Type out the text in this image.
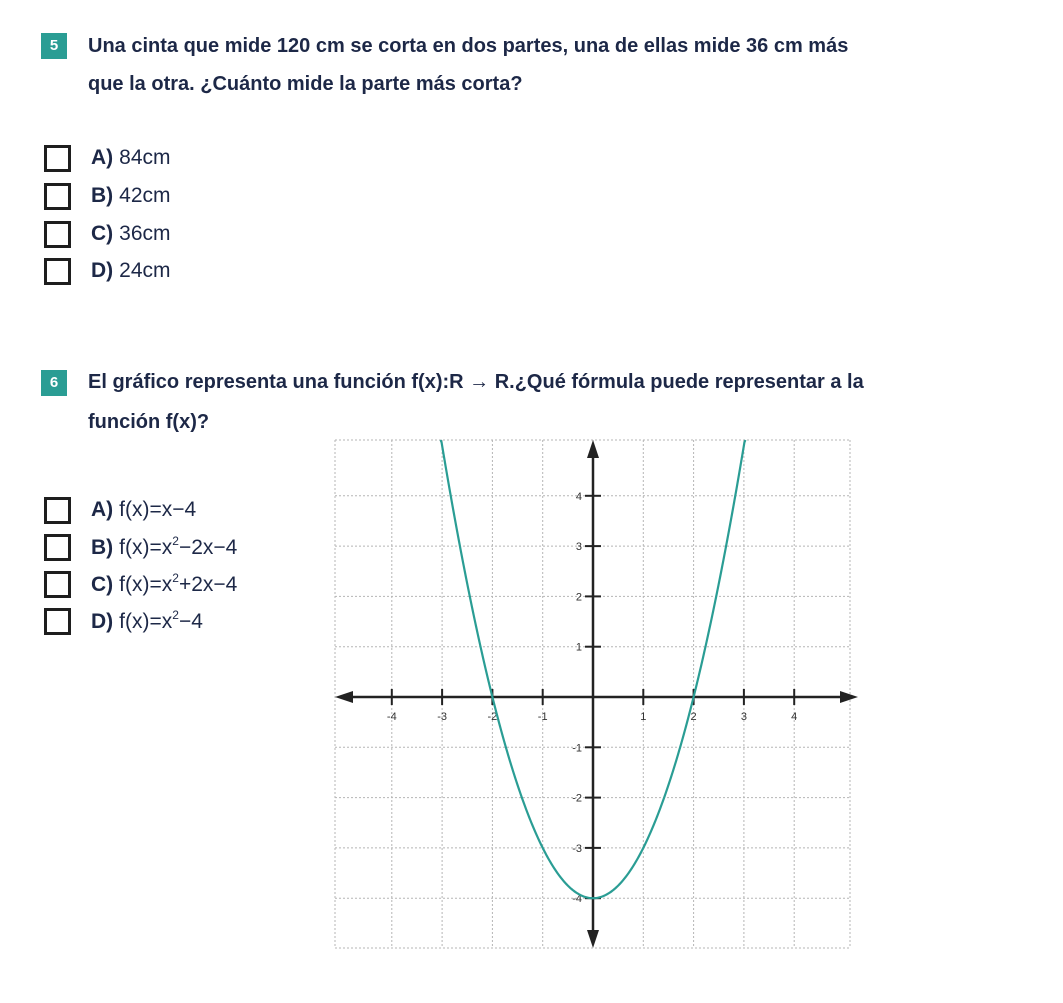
5	Una cinta que mide 120 cm se corta en dos partes, una de ellas mide 36 cm más
que la otra. ¿Cuánto mide la parte más corta?
A) 84cm
B) 42cm
C) 36cm
D) 24cm
6	El gráfico representa una función f(x):R → R.¿Qué fórmula puede representar a la
función f(x)?
A) f(x)=x−4
B) $f(x)=x^2-2x-4$
C) $f(x)=x^2+2x-4$
D) $f(x)=x^2-4$
-4	-3	-2	-1	1	2	3	4
4
3
2
1
-1
-2
-3
-4
